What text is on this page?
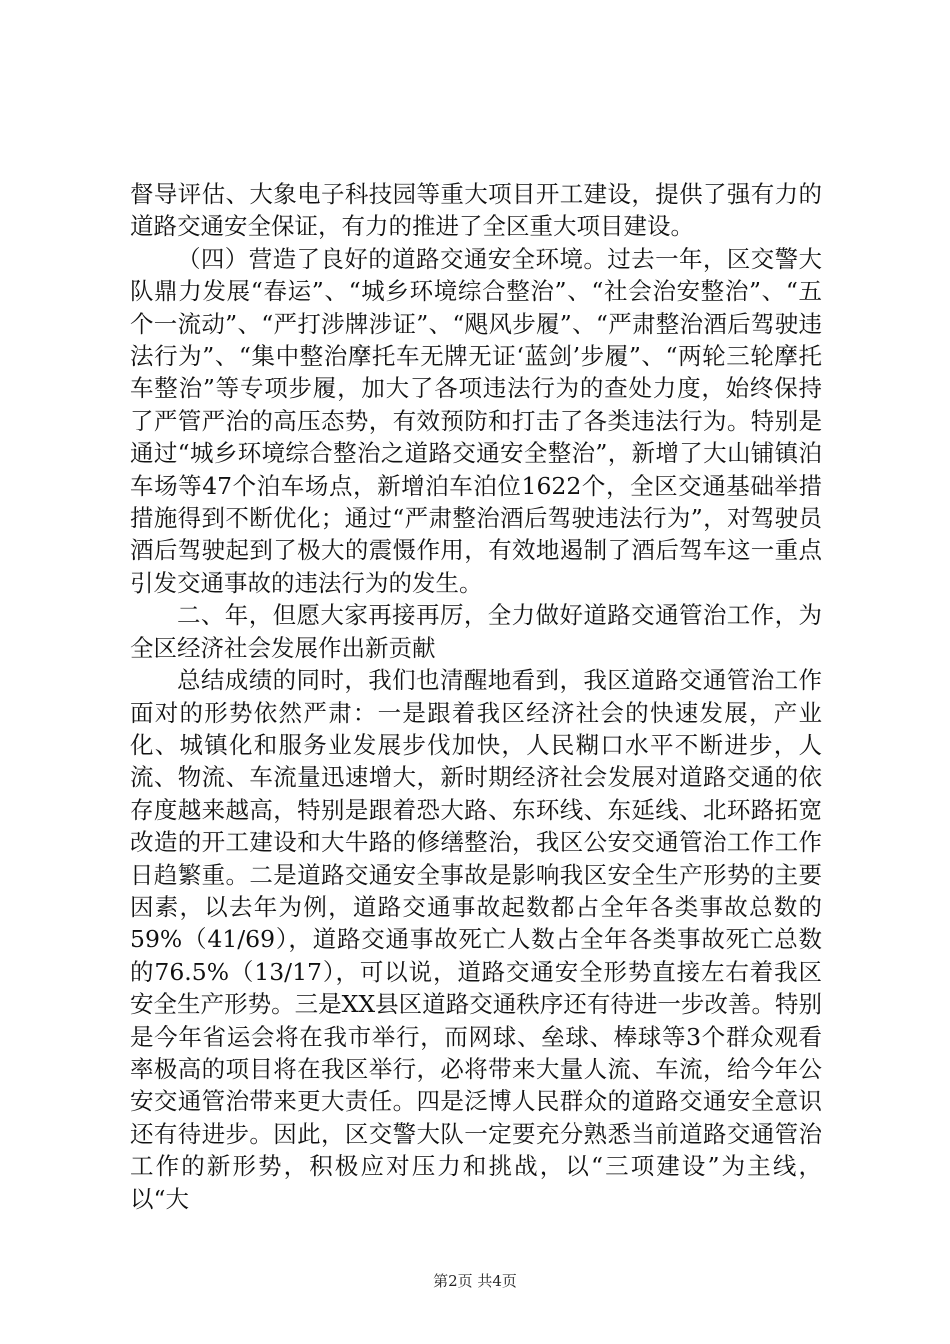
督导评估、大象电子科技园等重大项目开工建设，提供了强有力的道路交通安全保证，有力的推进了全区重大项目建设。

（四）营造了良好的道路交通安全环境。过去一年，区交警大队鼎力发展“春运”、“城乡环境综合整治”、“社会治安整治”、“五个一流动”、“严打涉牌涉证”、“飓风步履”、“严肃整治酒后驾驶违法行为”、“集中整治摩托车无牌无证‘蓝剑’步履”、“两轮三轮摩托车整治”等专项步履，加大了各项违法行为的查处力度，始终保持了严管严治的高压态势，有效预防和打击了各类违法行为。特别是通过“城乡环境综合整治之道路交通安全整治”，新增了大山铺镇泊车场等47个泊车场点，新增泊车泊位1622个，全区交通基础举措措施得到不断优化；通过“严肃整治酒后驾驶违法行为”，对驾驶员酒后驾驶起到了极大的震慑作用，有效地遏制了酒后驾车这一重点引发交通事故的违法行为的发生。

二、年，但愿大家再接再厉，全力做好道路交通管治工作，为全区经济社会发展作出新贡献

总结成绩的同时，我们也清醒地看到，我区道路交通管治工作面对的形势依然严肃：一是跟着我区经济社会的快速发展，产业化、城镇化和服务业发展步伐加快，人民糊口水平不断进步，人流、物流、车流量迅速增大，新时期经济社会发展对道路交通的依存度越来越高，特别是跟着恐大路、东环线、东延线、北环路拓宽改造的开工建设和大牛路的修缮整治，我区公安交通管治工作工作日趋繁重。二是道路交通安全事故是影响我区安全生产形势的主要因素，以去年为例，道路交通事故起数都占全年各类事故总数的59%（41/69），道路交通事故死亡人数占全年各类事故死亡总数的76.5%（13/17），可以说，道路交通安全形势直接左右着我区安全生产形势。三是XX县区道路交通秩序还有待进一步改善。特别是今年省运会将在我市举行，而网球、垒球、棒球等3个群众观看率极高的项目将在我区举行，必将带来大量人流、车流，给今年公安交通管治带来更大责任。四是泛博人民群众的道路交通安全意识还有待进步。因此，区交警大队一定要充分熟悉当前道路交通管治工作的新形势，积极应对压力和挑战，以“三项建设”为主线，以“大

第2页 共4页
